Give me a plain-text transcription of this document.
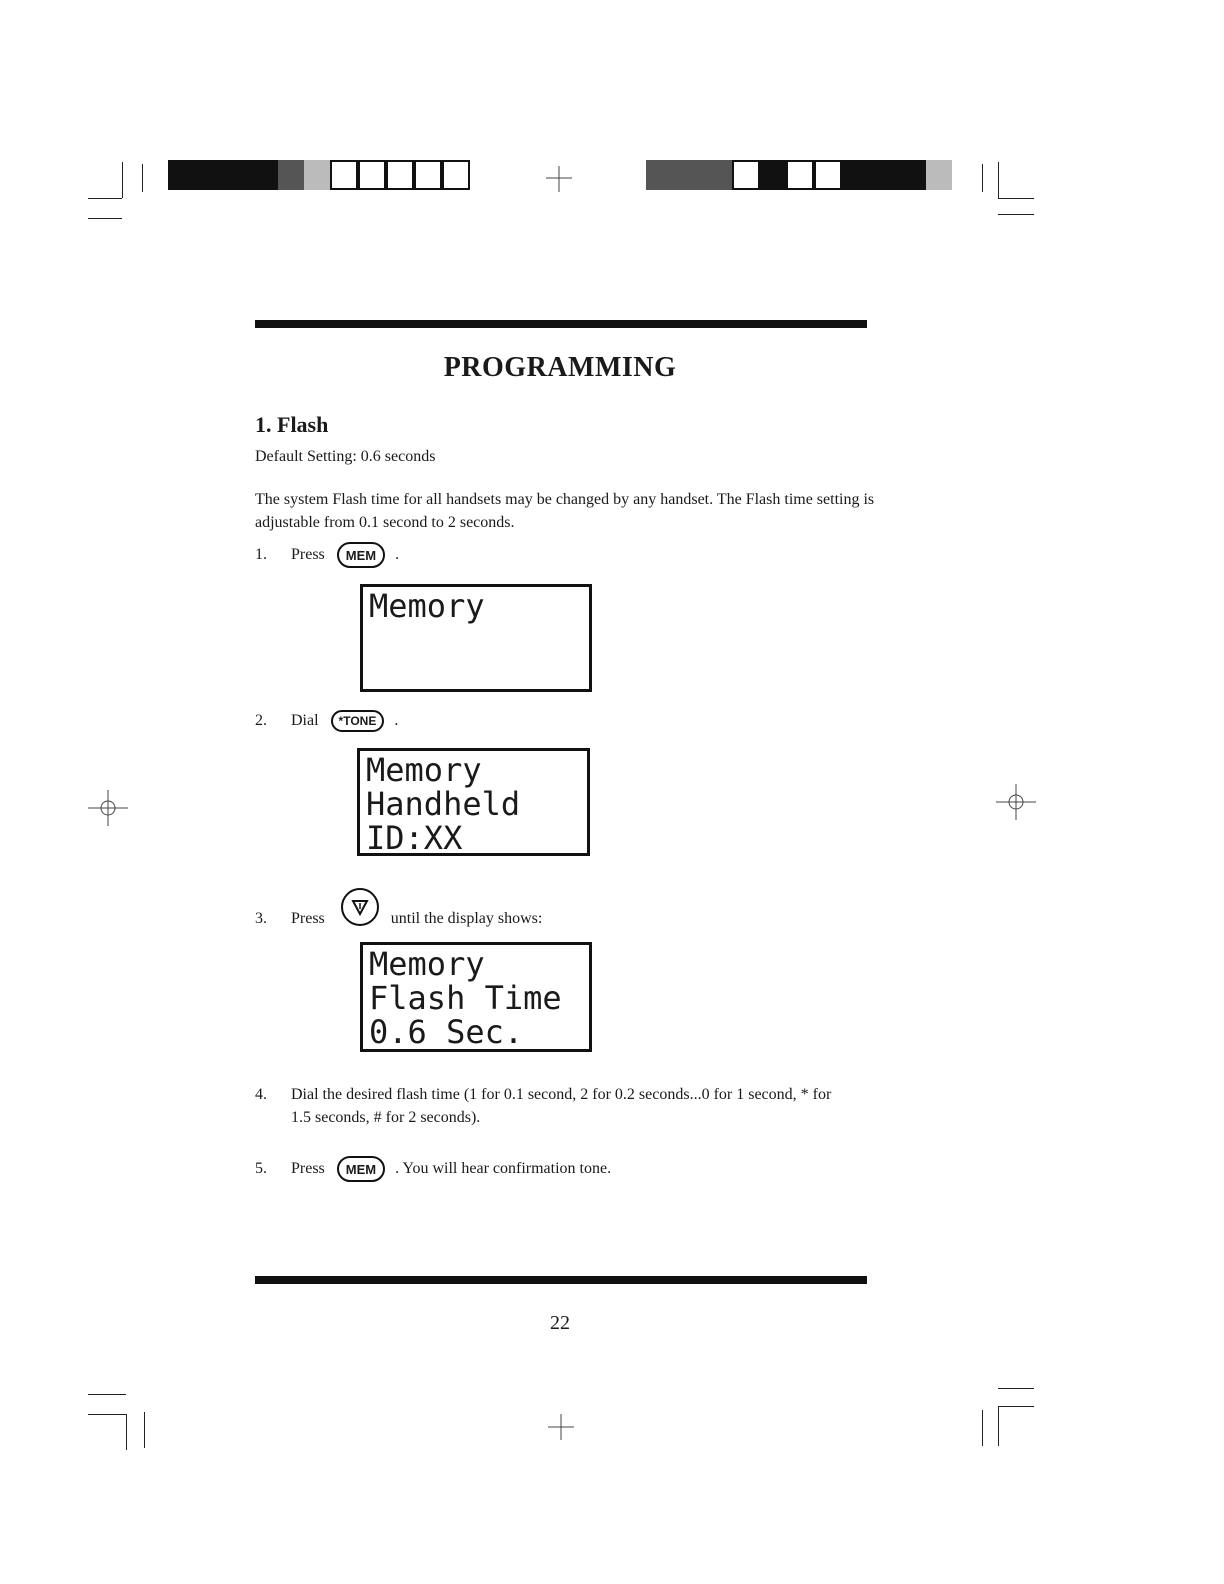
PROGRAMMING
1. Flash
Default Setting: 0.6 seconds
The system Flash time for all handsets may be changed by any handset. The Flash time setting is adjustable from 0.1 second to 2 seconds.
1.	Press	MEM	.
Memory
2.	Dial	*TONE	.
Memory
Handheld
ID:XX
3.	Press	until the display shows:
Memory
Flash Time
0.6 Sec.
4.	Dial the desired flash time (1 for 0.1 second, 2 for 0.2 seconds...0 for 1 second, * for 1.5 seconds, # for 2 seconds).
5.	Press	MEM	. You will hear confirmation tone.
22
